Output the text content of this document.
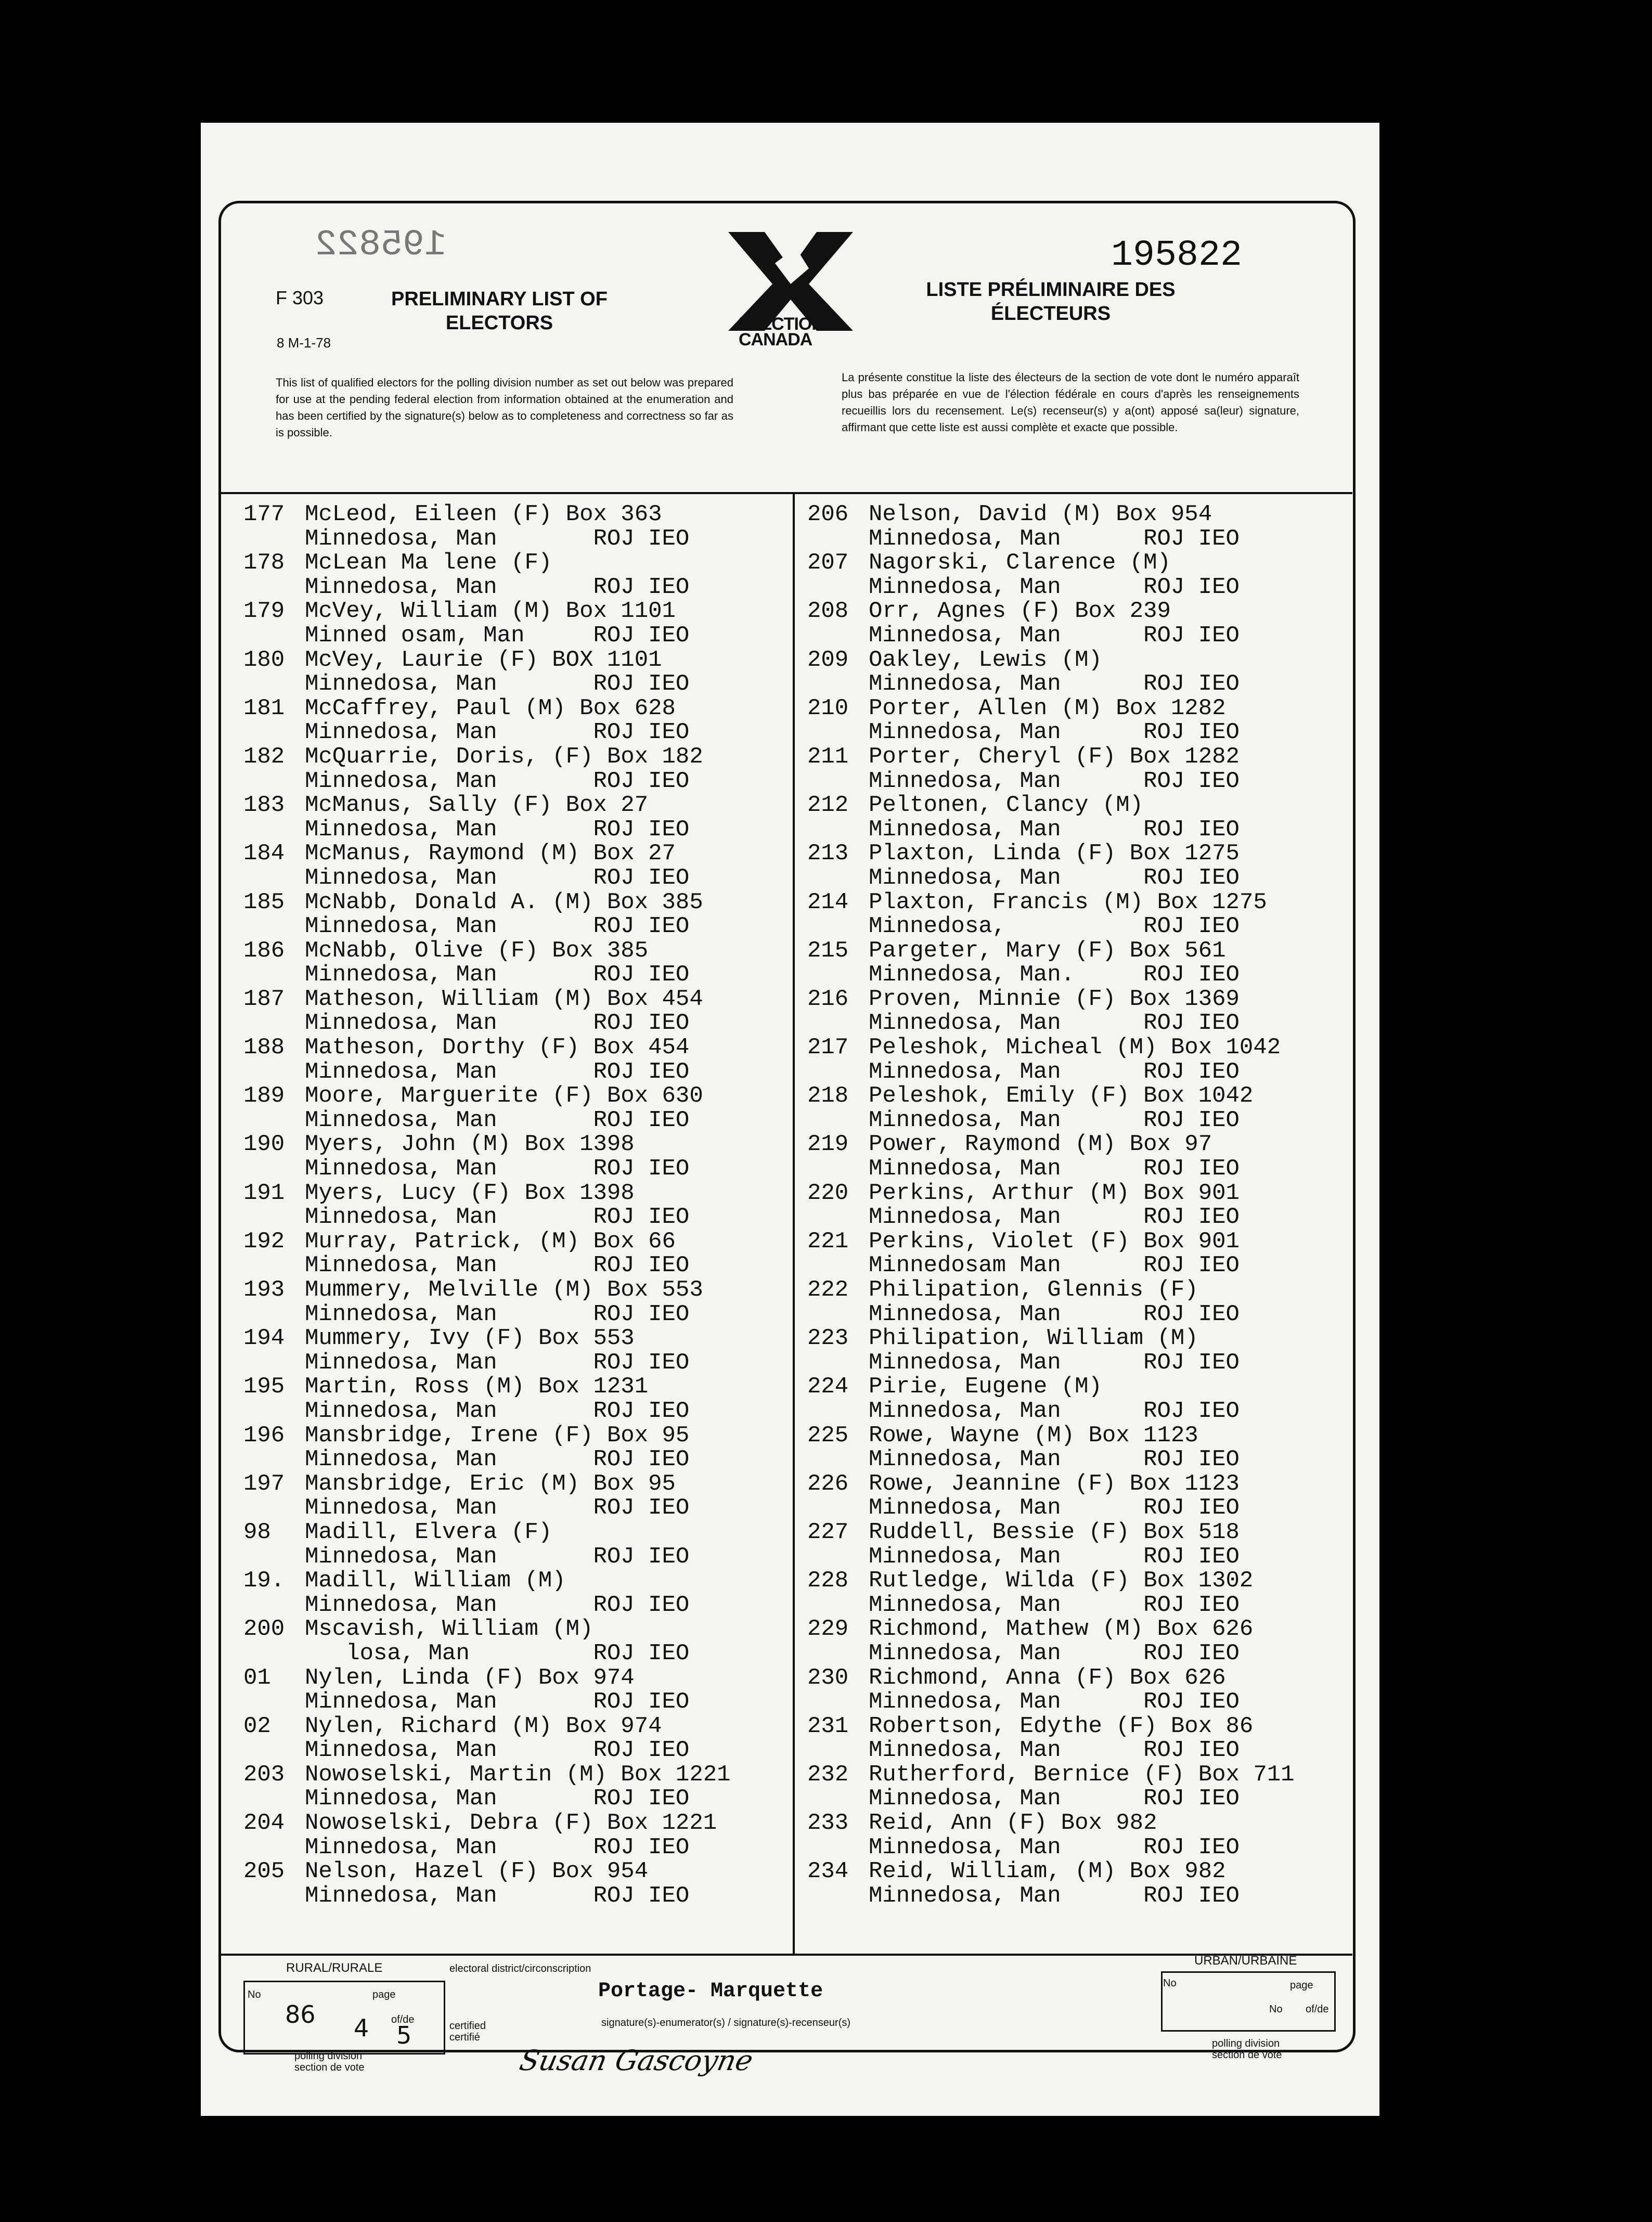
195822
F 303
8 M-1-78
PRELIMINARY LIST OF
ELECTORS	ELECTIONS
CANADA
195822
LISTE PRÉLIMINAIRE DES
ÉLECTEURS
This list of qualified electors for the polling division number as set out below was prepared for use at the pending federal election from information obtained at the enumeration and has been certified by the signature(s) below as to completeness and correctness so far as is possible.
La présente constitue la liste des électeurs de la section de vote dont le numéro apparaît plus bas préparée en vue de l'élection fédérale en cours d'après les renseignements recueillis lors du recensement. Le(s) recenseur(s) y a(ont) apposé sa(leur) signature, affirmant que cette liste est aussi complète et exacte que possible.
177 McLeod, Eileen (F) Box 363
Minnedosa, Man       ROJ IEO
178 McLean Ma lene (F)
Minnedosa, Man       ROJ IEO
179 McVey, William (M) Box 1101
Minned osam, Man     ROJ IEO
180 McVey, Laurie (F) BOX 1101
Minnedosa, Man       ROJ IEO
181 McCaffrey, Paul (M) Box 628
Minnedosa, Man       ROJ IEO
182 McQuarrie, Doris, (F) Box 182
Minnedosa, Man       ROJ IEO
183 McManus, Sally (F) Box 27
Minnedosa, Man       ROJ IEO
184 McManus, Raymond (M) Box 27
Minnedosa, Man       ROJ IEO
185 McNabb, Donald A. (M) Box 385
Minnedosa, Man       ROJ IEO
186 McNabb, Olive (F) Box 385
Minnedosa, Man       ROJ IEO
187 Matheson, William (M) Box 454
Minnedosa, Man       ROJ IEO
188 Matheson, Dorthy (F) Box 454
Minnedosa, Man       ROJ IEO
189 Moore, Marguerite (F) Box 630
Minnedosa, Man       ROJ IEO
190 Myers, John (M) Box 1398
Minnedosa, Man       ROJ IEO
191 Myers, Lucy (F) Box 1398
Minnedosa, Man       ROJ IEO
192 Murray, Patrick, (M) Box 66
Minnedosa, Man       ROJ IEO
193 Mummery, Melville (M) Box 553
Minnedosa, Man       ROJ IEO
194 Mummery, Ivy (F) Box 553
Minnedosa, Man       ROJ IEO
195 Martin, Ross (M) Box 1231
Minnedosa, Man       ROJ IEO
196 Mansbridge, Irene (F) Box 95
Minnedosa, Man       ROJ IEO
197 Mansbridge, Eric (M) Box 95
Minnedosa, Man       ROJ IEO
98 Madill, Elvera (F)
Minnedosa, Man       ROJ IEO
19. Madill, William (M)
Minnedosa, Man       ROJ IEO
200 Mscavish, William (M)
losa, Man         ROJ IEO
01 Nylen, Linda (F) Box 974
Minnedosa, Man       ROJ IEO
02 Nylen, Richard (M) Box 974
Minnedosa, Man       ROJ IEO
203 Nowoselski, Martin (M) Box 1221
Minnedosa, Man       ROJ IEO
204 Nowoselski, Debra (F) Box 1221
Minnedosa, Man       ROJ IEO
205 Nelson, Hazel (F) Box 954
Minnedosa, Man       ROJ IEO
206 Nelson, David (M) Box 954
Minnedosa, Man      ROJ IEO
207 Nagorski, Clarence (M)
Minnedosa, Man      ROJ IEO
208 Orr, Agnes (F) Box 239
Minnedosa, Man      ROJ IEO
209 Oakley, Lewis (M)
Minnedosa, Man      ROJ IEO
210 Porter, Allen (M) Box 1282
Minnedosa, Man      ROJ IEO
211 Porter, Cheryl (F) Box 1282
Minnedosa, Man      ROJ IEO
212 Peltonen, Clancy (M)
Minnedosa, Man      ROJ IEO
213 Plaxton, Linda (F) Box 1275
Minnedosa, Man      ROJ IEO
214 Plaxton, Francis (M) Box 1275
Minnedosa,          ROJ IEO
215 Pargeter, Mary (F) Box 561
Minnedosa, Man.     ROJ IEO
216 Proven, Minnie (F) Box 1369
Minnedosa, Man      ROJ IEO
217 Peleshok, Micheal (M) Box 1042
Minnedosa, Man      ROJ IEO
218 Peleshok, Emily (F) Box 1042
Minnedosa, Man      ROJ IEO
219 Power, Raymond (M) Box 97
Minnedosa, Man      ROJ IEO
220 Perkins, Arthur (M) Box 901
Minnedosa, Man      ROJ IEO
221 Perkins, Violet (F) Box 901
Minnedosam Man      ROJ IEO
222 Philipation, Glennis (F)
Minnedosa, Man      ROJ IEO
223 Philipation, William (M)
Minnedosa, Man      ROJ IEO
224 Pirie, Eugene (M)
Minnedosa, Man      ROJ IEO
225 Rowe, Wayne (M) Box 1123
Minnedosa, Man      ROJ IEO
226 Rowe, Jeannine (F) Box 1123
Minnedosa, Man      ROJ IEO
227 Ruddell, Bessie (F) Box 518
Minnedosa, Man      ROJ IEO
228 Rutledge, Wilda (F) Box 1302
Minnedosa, Man      ROJ IEO
229 Richmond, Mathew (M) Box 626
Minnedosa, Man      ROJ IEO
230 Richmond, Anna (F) Box 626
Minnedosa, Man      ROJ IEO
231 Robertson, Edythe (F) Box 86
Minnedosa, Man      ROJ IEO
232 Rutherford, Bernice (F) Box 711
Minnedosa, Man      ROJ IEO
233 Reid, Ann (F) Box 982
Minnedosa, Man      ROJ IEO
234 Reid, William, (M) Box 982
Minnedosa, Man      ROJ IEO
RURAL/RURALE	electoral district/circonscription
Portage- Marquette
URBAN/URBAINE
No
86
page
4 of/de
5
polling division
section de vote
certified
certifié
signature(s)-enumerator(s) / signature(s)-recenseur(s)
Susan Gascoyne
No	page
No of/de
polling division
section de vote
